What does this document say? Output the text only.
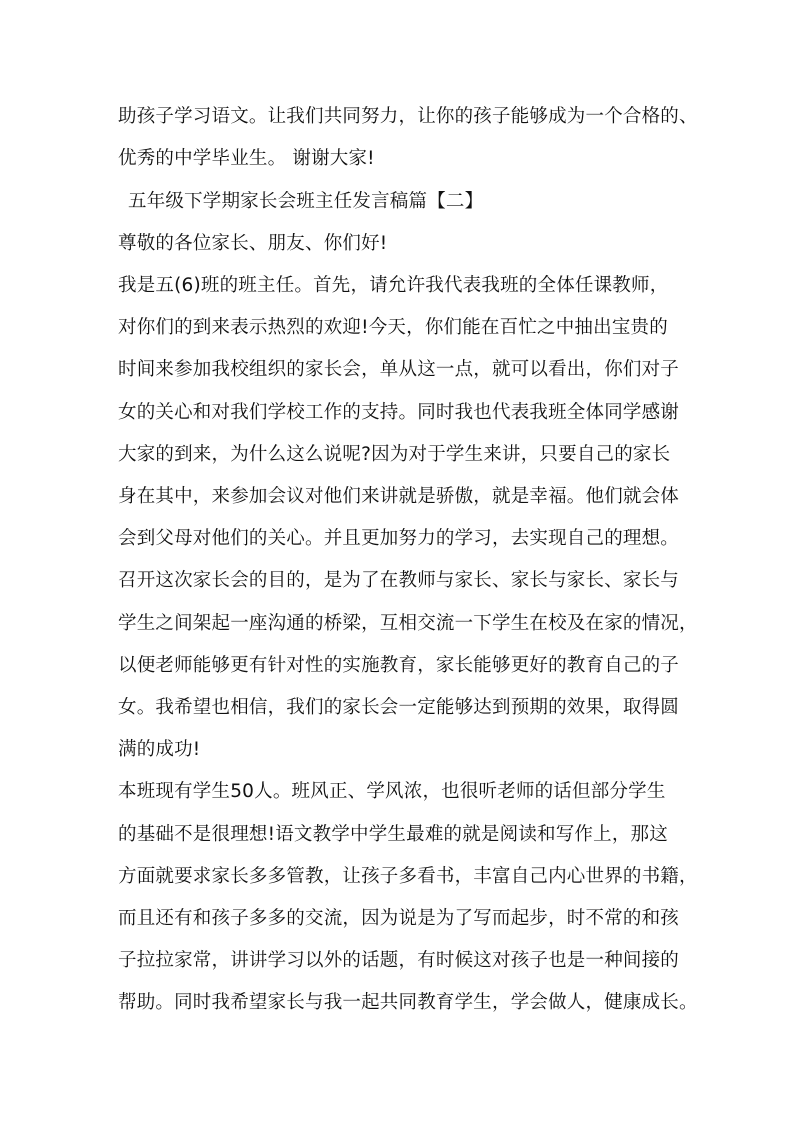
助孩子学习语文。让我们共同努力，让你的孩子能够成为一个合格的、
优秀的中学毕业生。 谢谢大家!
五年级下学期家长会班主任发言稿篇【二】
尊敬的各位家长、朋友、你们好!
我是五(6)班的班主任。首先，请允许我代表我班的全体任课教师，
对你们的到来表示热烈的欢迎!今天，你们能在百忙之中抽出宝贵的
时间来参加我校组织的家长会，单从这一点，就可以看出，你们对子
女的关心和对我们学校工作的支持。同时我也代表我班全体同学感谢
大家的到来，为什么这么说呢?因为对于学生来讲，只要自己的家长
身在其中，来参加会议对他们来讲就是骄傲，就是幸福。他们就会体
会到父母对他们的关心。并且更加努力的学习，去实现自己的理想。
召开这次家长会的目的，是为了在教师与家长、家长与家长、家长与
学生之间架起一座沟通的桥梁，互相交流一下学生在校及在家的情况，
以便老师能够更有针对性的实施教育，家长能够更好的教育自己的子
女。我希望也相信，我们的家长会一定能够达到预期的效果，取得圆
满的成功!
本班现有学生50人。班风正、学风浓，也很听老师的话但部分学生
的基础不是很理想!语文教学中学生最难的就是阅读和写作上，那这
方面就要求家长多多管教，让孩子多看书，丰富自己内心世界的书籍，
而且还有和孩子多多的交流，因为说是为了写而起步，时不常的和孩
子拉拉家常，讲讲学习以外的话题，有时候这对孩子也是一种间接的
帮助。同时我希望家长与我一起共同教育学生，学会做人，健康成长。
